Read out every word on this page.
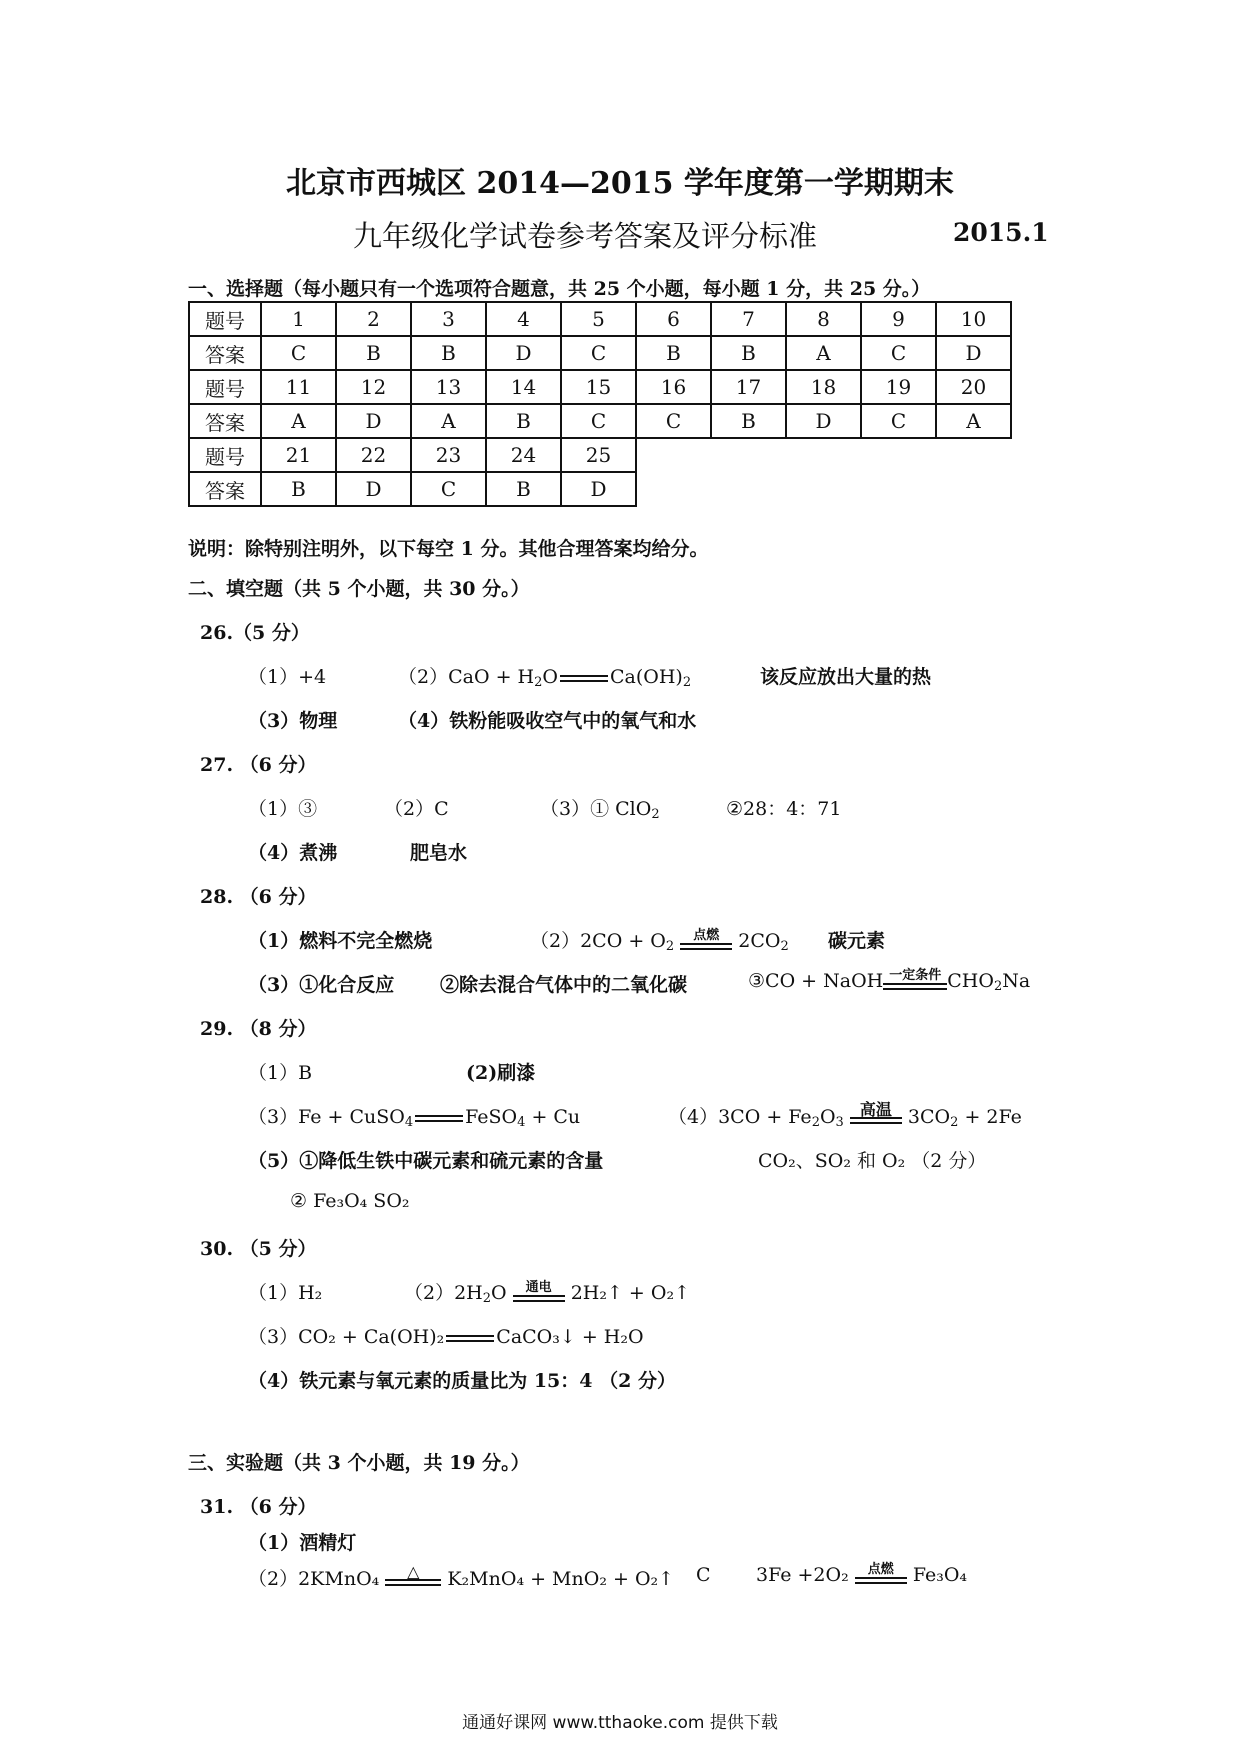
北京市西城区 2014—2015 学年度第一学期期末
九年级化学试卷参考答案及评分标准	2015.1
一、选择题（每小题只有一个选项符合题意，共 25 个小题，每小题 1 分，共 25 分。）
题号	1	2	3	4	5	6	7	8	9	10
答案	C	B	B	D	C	B	B	A	C	D
题号	11	12	13	14	15	16	17	18	19	20
答案	A	D	A	B	C	C	B	D	C	A
题号	21	22	23	24	25					
答案	B	D	C	B	D					
说明：除特别注明外，以下每空 1 分。其他合理答案均给分。
二、填空题（共 5 个小题，共 30 分。）
26.（5 分）
（1）+4	$(2)CaO + H_2O$	$Ca(OH)_2$	该反应放出大量的热
（3）物理	（4）铁粉能吸收空气中的氧气和水
27. （6 分）
（1）③	（2）C	（3）① ClO$_2$	②28：4：71
（4）煮沸	肥皂水
28. （6 分）
（1）燃料不完全燃烧	$(2)2CO + O_2$
点燃	$2CO_2$ 碳元素
（3）①化合反应 ②除去混合气体中的二氧化碳	③CO + NaOH 一定条件 $CHO_2Na$
29. （8 分）
（1）B	(2)刷漆
（3）Fe + CuSO$_4$	FeSO$_4$ + Cu	$(4)3CO + Fe_2O_3$
高温 $3CO_2 + 2Fe$
（5）①降低生铁中碳元素和硫元素的含量	CO₂、SO₂ 和 O₂ （2 分）
② Fe₃O₄ SO₂
30. （5 分）
（1）H₂	$(2)2H_2O$ 通电	2H₂↑ + O₂↑
（3）CO₂ + Ca(OH)₂	CaCO₃↓ + H₂O
（4）铁元素与氧元素的质量比为 15：4 （2 分）
三、实验题（共 3 个小题，共 19 分。）
31. （6 分）
（1）酒精灯
（2）2KMnO₄	△	K₂MnO₄ + MnO₂ + O₂↑ C 3Fe +2O₂	点燃	Fe₃O₄
通通好课网 www.tthaoke.com 提供下载
